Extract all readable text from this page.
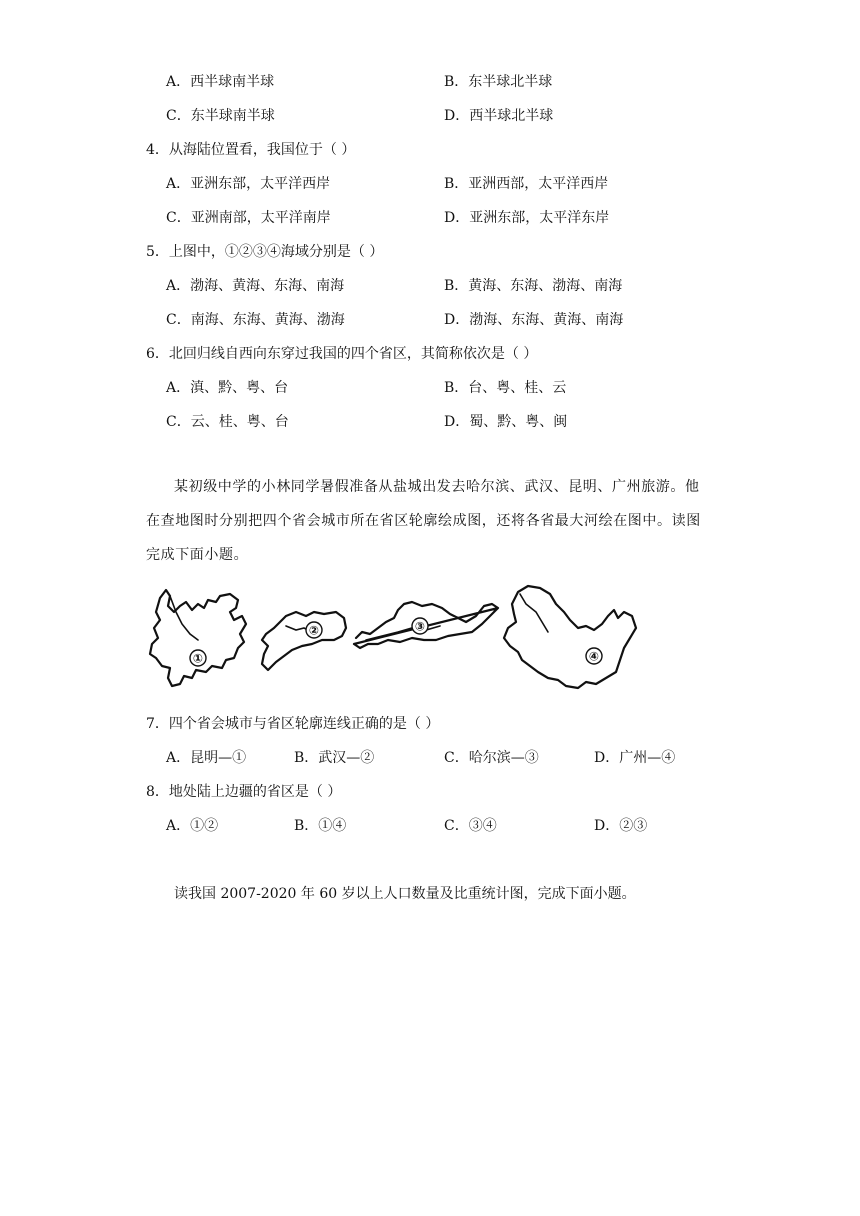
A．西半球南半球	B．东半球北半球
C．东半球南半球	D．西半球北半球
4．从海陆位置看，我国位于（ ）
A．亚洲东部，太平洋西岸	B．亚洲西部，太平洋西岸
C．亚洲南部，太平洋南岸	D．亚洲东部，太平洋东岸
5．上图中，①②③④海域分别是（ ）
A．渤海、黄海、东海、南海	B．黄海、东海、渤海、南海
C．南海、东海、黄海、渤海	D．渤海、东海、黄海、南海
6．北回归线自西向东穿过我国的四个省区，其简称依次是（ ）
A．滇、黔、粤、台	B．台、粤、桂、云
C．云、桂、粤、台	D．蜀、黔、粤、闽
某初级中学的小林同学暑假准备从盐城出发去哈尔滨、武汉、昆明、广州旅游。他
在查地图时分别把四个省会城市所在省区轮廓绘成图，还将各省最大河绘在图中。读图
完成下面小题。
①
②	③
④
7．四个省会城市与省区轮廓连线正确的是（ ）
A．昆明—①	B．武汉—②	C．哈尔滨—③	D．广州—④
8．地处陆上边疆的省区是（ ）
A．①②	B．①④	C．③④	D．②③
读我国 2007-2020 年 60 岁以上人口数量及比重统计图，完成下面小题。
